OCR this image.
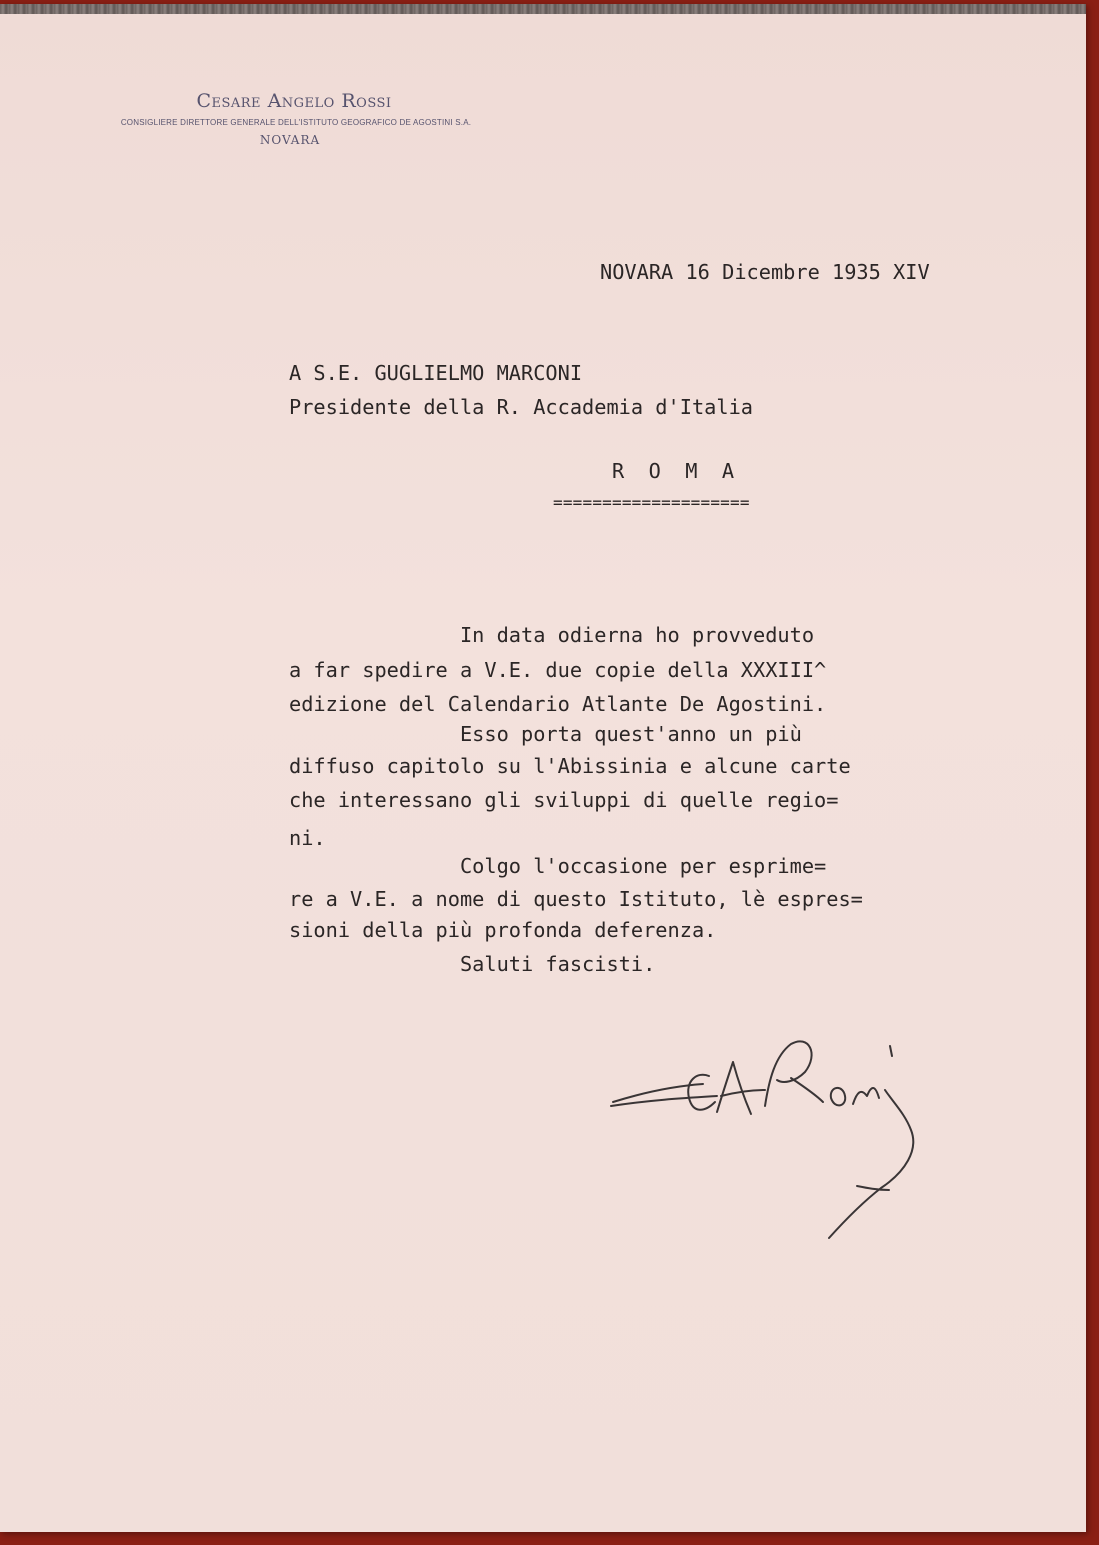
Cesare Angelo Rossi
CONSIGLIERE DIRETTORE GENERALE DELL'ISTITUTO GEOGRAFICO DE AGOSTINI S.A.
NOVARA
NOVARA 16 Dicembre 1935 XIV
A S.E. GUGLIELMO MARCONI
Presidente della R. Accademia d'Italia
R  O  M  A
====================
In data odierna ho provveduto
a far spedire a V.E. due copie della XXXIII^
edizione del Calendario Atlante De Agostini.
Esso porta quest'anno un più
diffuso capitolo su l'Abissinia e alcune carte
che interessano gli sviluppi di quelle regio=
ni.
Colgo l'occasione per esprime=
re a V.E. a nome di questo Istituto, lè espres=
sioni della più profonda deferenza.
Saluti fascisti.
